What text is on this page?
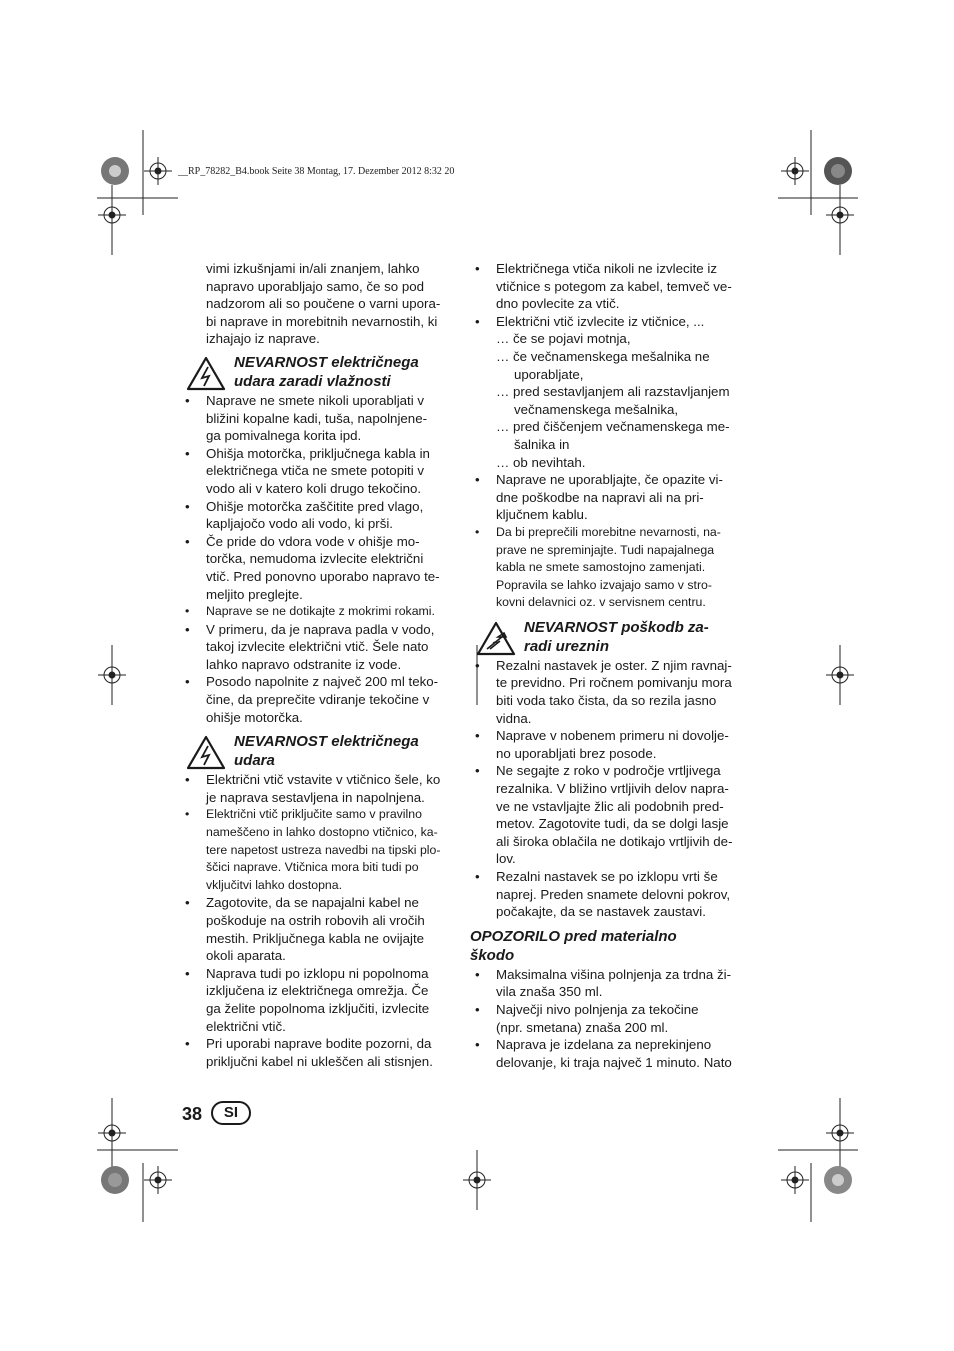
__RP_78282_B4.book Seite 38 Montag, 17. Dezember 2012 8:32 20

vimi izkušnjami in/ali znanjem, lahko

napravo uporabljajo samo, če so pod

nadzorom ali so poučene o varni upora-

bi naprave in morebitnih nevarnostih, ki

izhajajo iz naprave.

NEVARNOST električnega

udara zaradi vlažnosti

• Naprave ne smete nikoli uporabljati v

bližini kopalne kadi, tuša, napolnjene-

ga pomivalnega korita ipd.

• Ohišja motorčka, priključnega kabla in

električnega vtiča ne smete potopiti v

vodo ali v katero koli drugo tekočino.

• Ohišje motorčka zaščitite pred vlago,

kapljajočo vodo ali vodo, ki prši.

• Če pride do vdora vode v ohišje mo-

torčka, nemudoma izvlecite električni

vtič. Pred ponovno uporabo napravo te-

meljito preglejte.

• Naprave se ne dotikajte z mokrimi rokami.

• V primeru, da je naprava padla v vodo,

takoj izvlecite električni vtič. Šele nato

lahko napravo odstranite iz vode.

• Posodo napolnite z največ 200 ml teko-

čine, da preprečite vdiranje tekočine v

ohišje motorčka.

NEVARNOST električnega

udara

• Električni vtič vstavite v vtičnico šele, ko

je naprava sestavljena in napolnjena.

• Električni vtič priključite samo v pravilno

nameščeno in lahko dostopno vtičnico, ka-

tere napetost ustreza navedbi na tipski plo-

ščici naprave. Vtičnica mora biti tudi po

vključitvi lahko dostopna.

• Zagotovite, da se napajalni kabel ne

poškoduje na ostrih robovih ali vročih

mestih. Priključnega kabla ne ovijajte

okoli aparata.

• Naprava tudi po izklopu ni popolnoma

izključena iz električnega omrežja. Če

ga želite popolnoma izključiti, izvlecite

električni vtič.

• Pri uporabi naprave bodite pozorni, da

priključni kabel ni ukleščen ali stisnjen.

• Električnega vtiča nikoli ne izvlecite iz

vtičnice s potegom za kabel, temveč ve-

dno povlecite za vtič.

• Električni vtič izvlecite iz vtičnice, ...

… če se pojavi motnja,

… če večnamenskega mešalnika ne

uporabljate,

… pred sestavljanjem ali razstavljanjem

večnamenskega mešalnika,

… pred čiščenjem večnamenskega me-

šalnika in

… ob nevihtah.

• Naprave ne uporabljajte, če opazite vi-

dne poškodbe na napravi ali na pri-

ključnem kablu.

• Da bi preprečili morebitne nevarnosti, na-

prave ne spreminjajte. Tudi napajalnega

kabla ne smete samostojno zamenjati.

Popravila se lahko izvajajo samo v stro-

kovni delavnici oz. v servisnem centru.

NEVARNOST poškodb za-

radi ureznin

• Rezalni nastavek je oster. Z njim ravnaj-

te previdno. Pri ročnem pomivanju mora

biti voda tako čista, da so rezila jasno

vidna.

• Naprave v nobenem primeru ni dovolje-

no uporabljati brez posode.

• Ne segajte z roko v področje vrtljivega

rezalnika. V bližino vrtljivih delov napra-

ve ne vstavljajte žlic ali podobnih pred-

metov. Zagotovite tudi, da se dolgi lasje

ali široka oblačila ne dotikajo vrtljivih de-

lov.

• Rezalni nastavek se po izklopu vrti še

naprej. Preden snamete delovni pokrov,

počakajte, da se nastavek zaustavi.

OPOZORILO pred materialno

škodo

• Maksimalna višina polnjenja za trdna ži-

vila znaša 350 ml.

• Največji nivo polnjenja za tekočine

(npr. smetana) znaša 200 ml.

• Naprava je izdelana za neprekinjeno

delovanje, ki traja največ 1 minuto. Nato

38	SI
